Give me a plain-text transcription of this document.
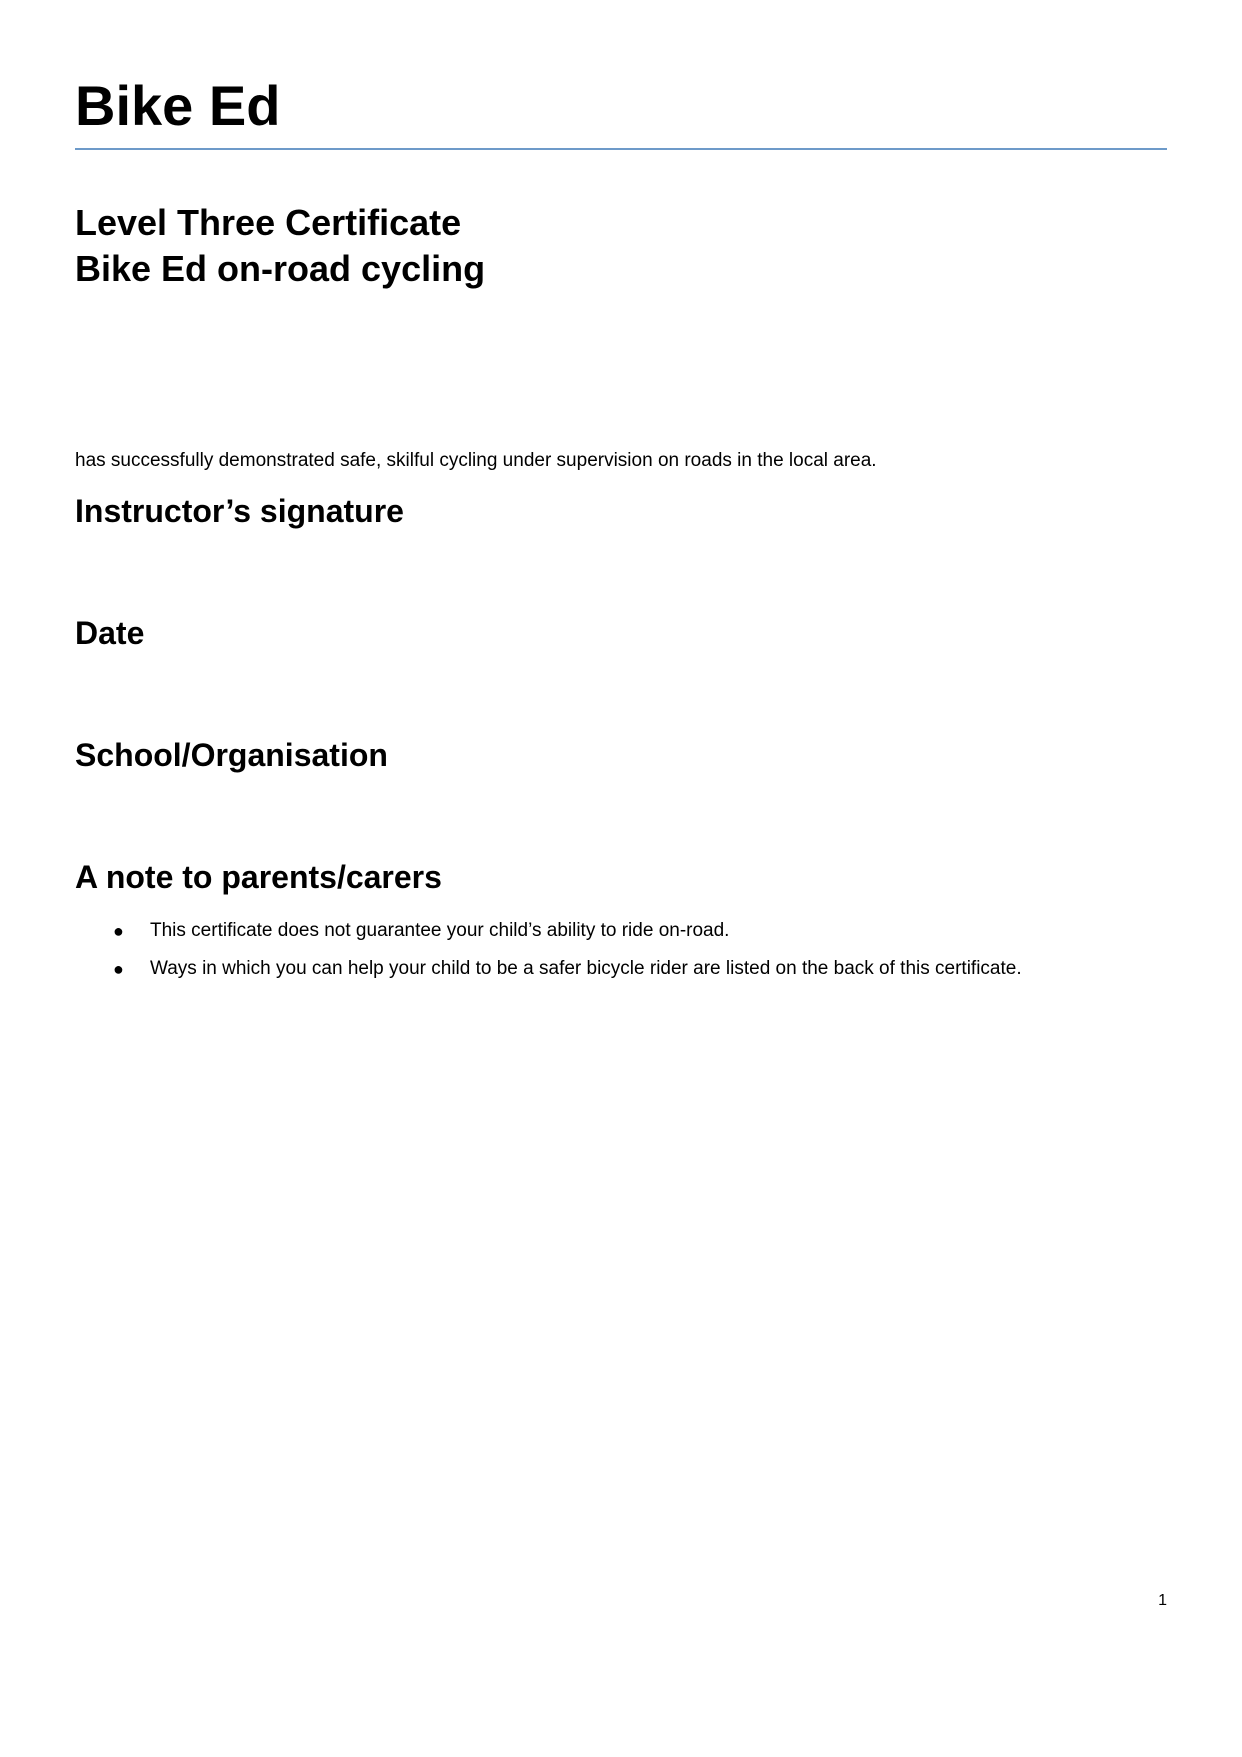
Bike Ed
Level Three Certificate
Bike Ed on-road cycling

has successfully demonstrated safe, skilful cycling under supervision on roads in the local area.

Instructor’s signature
Date
School/Organisation
A note to parents/carers
● This certificate does not guarantee your child’s ability to ride on-road.
● Ways in which you can help your child to be a safer bicycle rider are listed on the back of this certificate.
1
